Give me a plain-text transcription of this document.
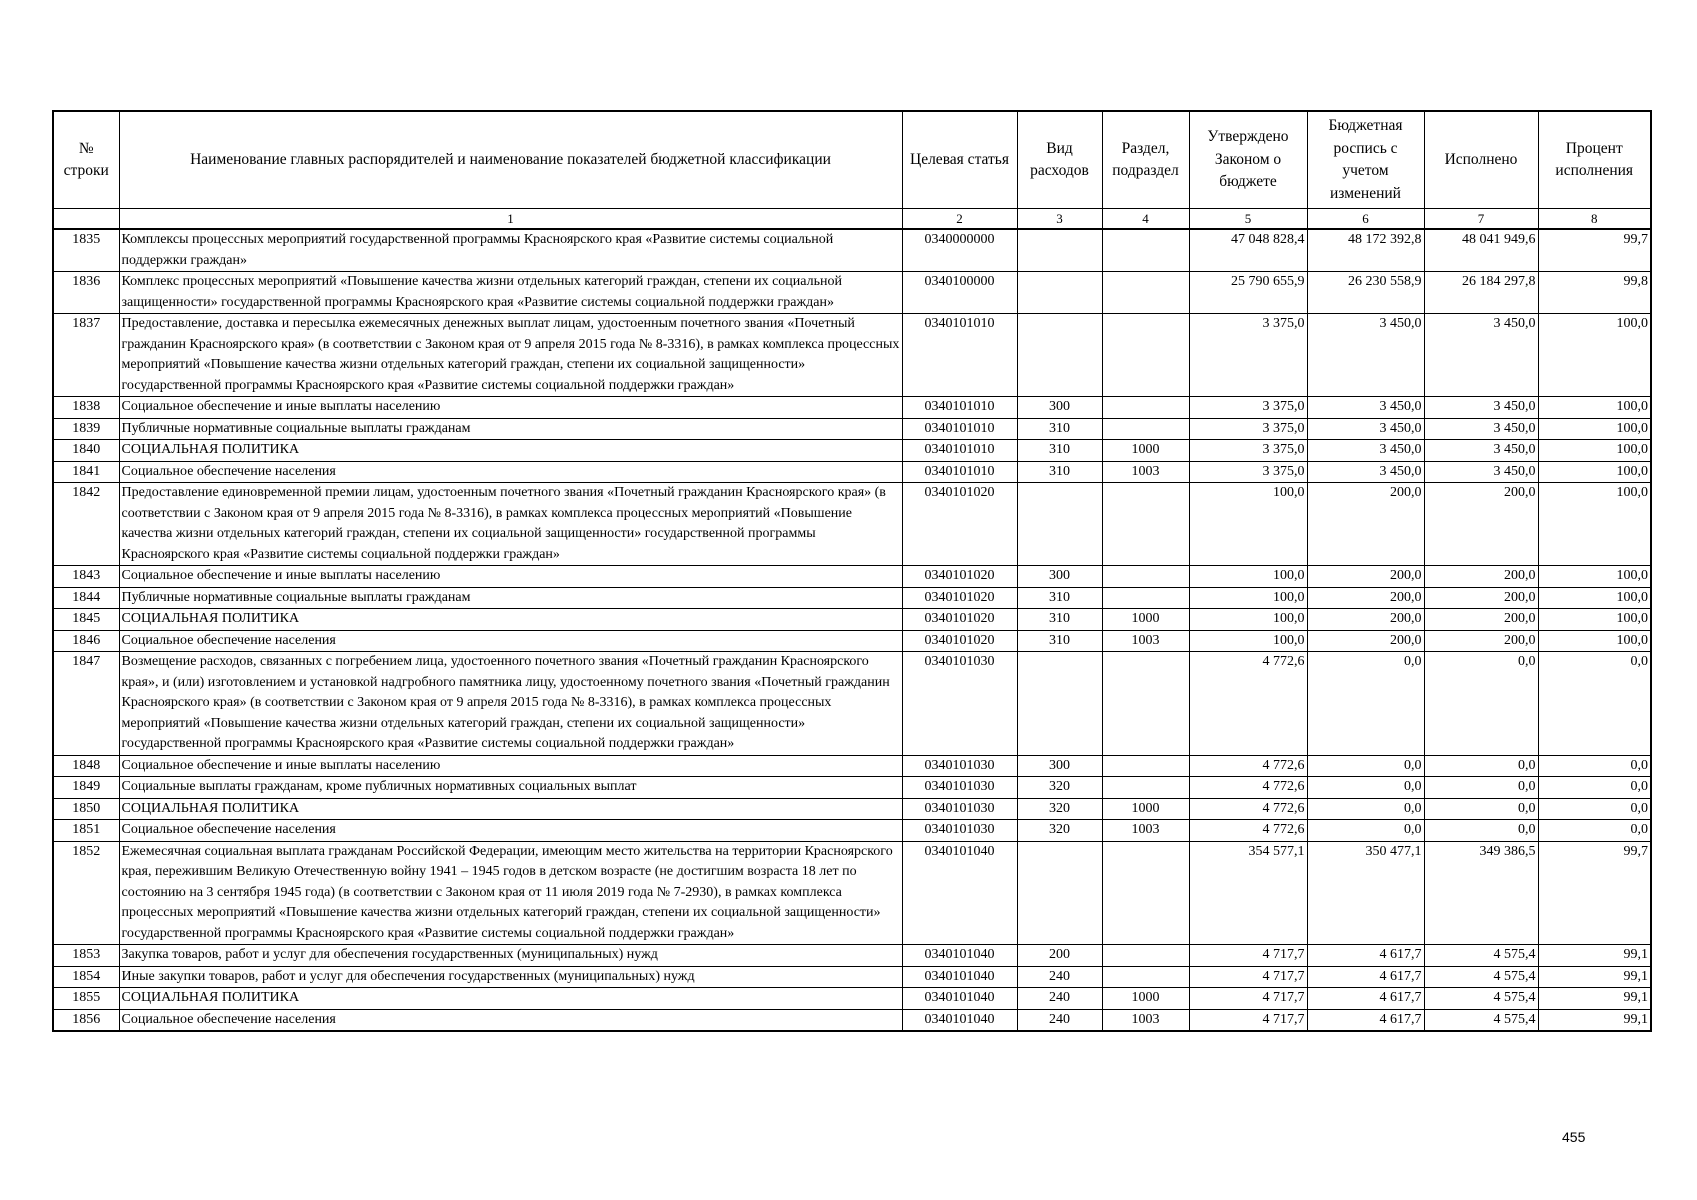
№ строки	Наименование главных распорядителей и наименование показателей бюджетной классификации	Целевая статья	Вид расходов	Раздел, подраздел	Утверждено Законом о бюджете	Бюджетная роспись с учетом изменений	Исполнено	Процент исполнения
	1	2	3	4	5	6	7	8
1835	Комплексы процессных мероприятий государственной программы Красноярского края «Развитие системы социальной поддержки граждан»	0340000000			47 048 828,4	48 172 392,8	48 041 949,6	99,7
1836	Комплекс процессных мероприятий «Повышение качества жизни отдельных категорий граждан, степени их социальной защищенности» государственной программы Красноярского края «Развитие системы социальной поддержки граждан»	0340100000			25 790 655,9	26 230 558,9	26 184 297,8	99,8
1837	Предоставление, доставка и пересылка ежемесячных денежных выплат лицам, удостоенным почетного звания «Почетный гражданин Красноярского края» (в соответствии с Законом края от 9 апреля 2015 года № 8-3316), в рамках комплекса процессных мероприятий «Повышение качества жизни отдельных категорий граждан, степени их социальной защищенности» государственной программы Красноярского края «Развитие системы социальной поддержки граждан»	0340101010			3 375,0	3 450,0	3 450,0	100,0
1838	Социальное обеспечение и иные выплаты населению	0340101010	300		3 375,0	3 450,0	3 450,0	100,0
1839	Публичные нормативные социальные выплаты гражданам	0340101010	310		3 375,0	3 450,0	3 450,0	100,0
1840	СОЦИАЛЬНАЯ ПОЛИТИКА	0340101010	310	1000	3 375,0	3 450,0	3 450,0	100,0
1841	Социальное обеспечение населения	0340101010	310	1003	3 375,0	3 450,0	3 450,0	100,0
1842	Предоставление единовременной премии лицам, удостоенным почетного звания «Почетный гражданин Красноярского края» (в соответствии с Законом края от 9 апреля 2015 года № 8-3316), в рамках комплекса процессных мероприятий «Повышение качества жизни отдельных категорий граждан, степени их социальной защищенности» государственной программы Красноярского края «Развитие системы социальной поддержки граждан»	0340101020			100,0	200,0	200,0	100,0
1843	Социальное обеспечение и иные выплаты населению	0340101020	300		100,0	200,0	200,0	100,0
1844	Публичные нормативные социальные выплаты гражданам	0340101020	310		100,0	200,0	200,0	100,0
1845	СОЦИАЛЬНАЯ ПОЛИТИКА	0340101020	310	1000	100,0	200,0	200,0	100,0
1846	Социальное обеспечение населения	0340101020	310	1003	100,0	200,0	200,0	100,0
1847	Возмещение расходов, связанных с погребением лица, удостоенного почетного звания «Почетный гражданин Красноярского края», и (или) изготовлением и установкой надгробного памятника лицу, удостоенному почетного звания «Почетный гражданин Красноярского края» (в соответствии с Законом края от 9 апреля 2015 года № 8-3316), в рамках комплекса процессных мероприятий «Повышение качества жизни отдельных категорий граждан, степени их социальной защищенности» государственной программы Красноярского края «Развитие системы социальной поддержки граждан»	0340101030			4 772,6	0,0	0,0	0,0
1848	Социальное обеспечение и иные выплаты населению	0340101030	300		4 772,6	0,0	0,0	0,0
1849	Социальные выплаты гражданам, кроме публичных нормативных социальных выплат	0340101030	320		4 772,6	0,0	0,0	0,0
1850	СОЦИАЛЬНАЯ ПОЛИТИКА	0340101030	320	1000	4 772,6	0,0	0,0	0,0
1851	Социальное обеспечение населения	0340101030	320	1003	4 772,6	0,0	0,0	0,0
1852	Ежемесячная социальная выплата гражданам Российской Федерации, имеющим место жительства на территории Красноярского края, пережившим Великую Отечественную войну 1941 – 1945 годов в детском возрасте (не достигшим возраста 18 лет по состоянию на 3 сентября 1945 года) (в соответствии с Законом края от 11 июля 2019 года № 7-2930), в рамках комплекса процессных мероприятий «Повышение качества жизни отдельных категорий граждан, степени их социальной защищенности» государственной программы Красноярского края «Развитие системы социальной поддержки граждан»	0340101040			354 577,1	350 477,1	349 386,5	99,7
1853	Закупка товаров, работ и услуг для обеспечения государственных (муниципальных) нужд	0340101040	200		4 717,7	4 617,7	4 575,4	99,1
1854	Иные закупки товаров, работ и услуг для обеспечения государственных (муниципальных) нужд	0340101040	240		4 717,7	4 617,7	4 575,4	99,1
1855	СОЦИАЛЬНАЯ ПОЛИТИКА	0340101040	240	1000	4 717,7	4 617,7	4 575,4	99,1
1856	Социальное обеспечение населения	0340101040	240	1003	4 717,7	4 617,7	4 575,4	99,1
455
